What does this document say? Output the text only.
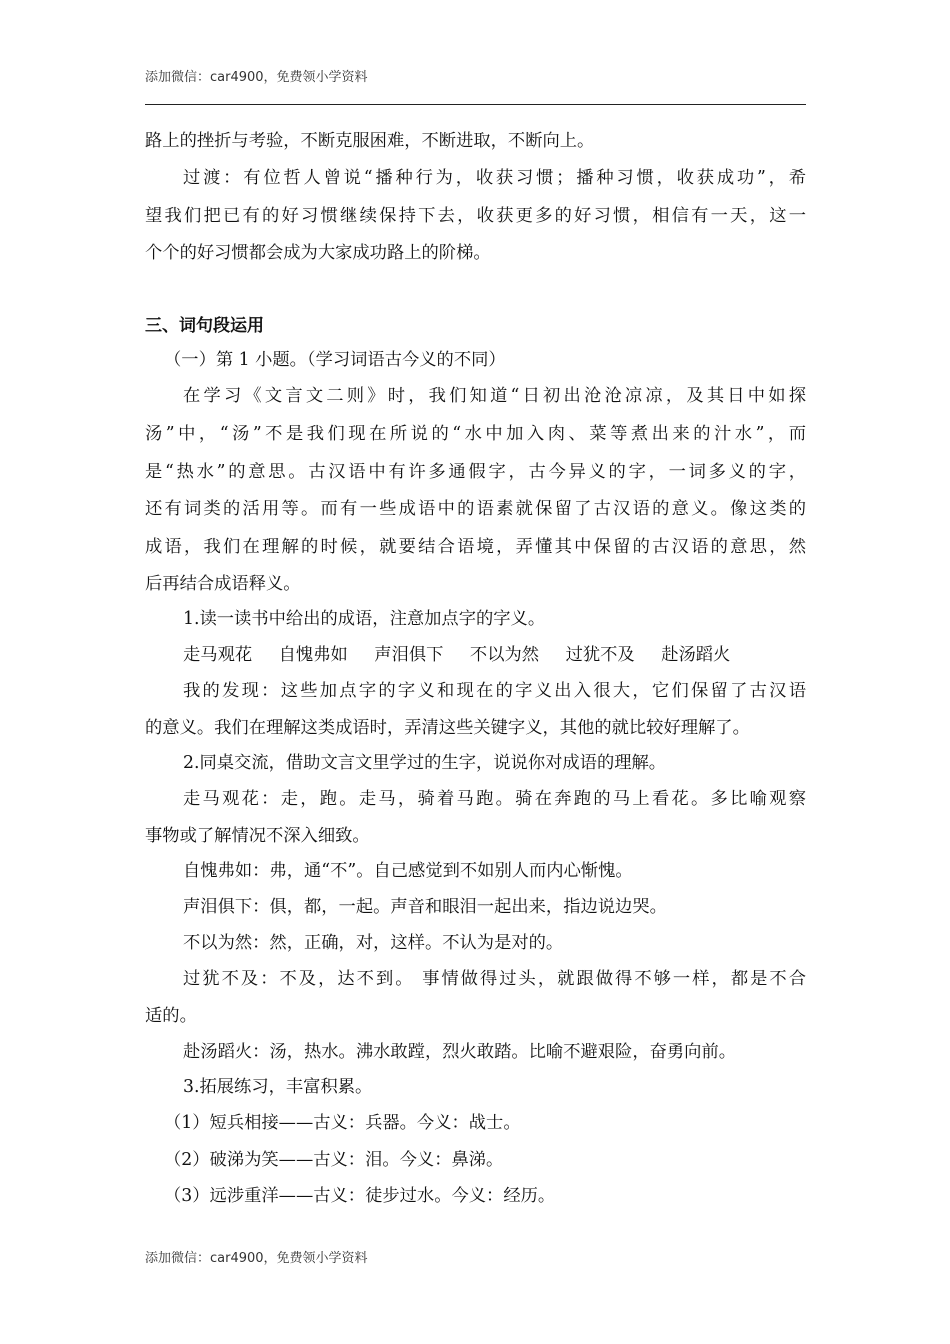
添加微信：car4900，免费领小学资料
路上的挫折与考验，不断克服困难，不断进取，不断向上。
过渡：有位哲人曾说“播种行为，收获习惯；播种习惯，收获成功”，希
望我们把已有的好习惯继续保持下去，收获更多的好习惯，相信有一天，这一
个个的好习惯都会成为大家成功路上的阶梯。
三、词句段运用
（一）第 1 小题。（学习词语古今义的不同）
在学习《文言文二则》时，我们知道“日初出沧沧凉凉，及其日中如探
汤”中，“汤”不是我们现在所说的“水中加入肉、菜等煮出来的汁水”，而
是“热水”的意思。古汉语中有许多通假字，古今异义的字，一词多义的字，
还有词类的活用等。而有一些成语中的语素就保留了古汉语的意义。像这类的
成语，我们在理解的时候，就要结合语境，弄懂其中保留的古汉语的意思，然
后再结合成语释义。
1.读一读书中给出的成语，注意加点字的字义。
走马观花 自愧弗如 声泪俱下 不以为然 过犹不及 赴汤蹈火
我的发现：这些加点字的字义和现在的字义出入很大，它们保留了古汉语
的意义。我们在理解这类成语时，弄清这些关键字义，其他的就比较好理解了。
2.同桌交流，借助文言文里学过的生字，说说你对成语的理解。
走马观花：走，跑。走马，骑着马跑。骑在奔跑的马上看花。多比喻观察
事物或了解情况不深入细致。
自愧弗如：弗，通“不”。自己感觉到不如别人而内心惭愧。
声泪俱下：俱，都，一起。声音和眼泪一起出来，指边说边哭。
不以为然：然，正确，对，这样。不认为是对的。
过犹不及：不及，达不到。 事情做得过头，就跟做得不够一样，都是不合
适的。
赴汤蹈火：汤，热水。沸水敢蹚，烈火敢踏。比喻不避艰险，奋勇向前。
3.拓展练习，丰富积累。
（1）短兵相接——古义：兵器。今义：战士。
（2）破涕为笑——古义：泪。今义：鼻涕。
（3）远涉重洋——古义：徒步过水。今义：经历。
添加微信：car4900，免费领小学资料
